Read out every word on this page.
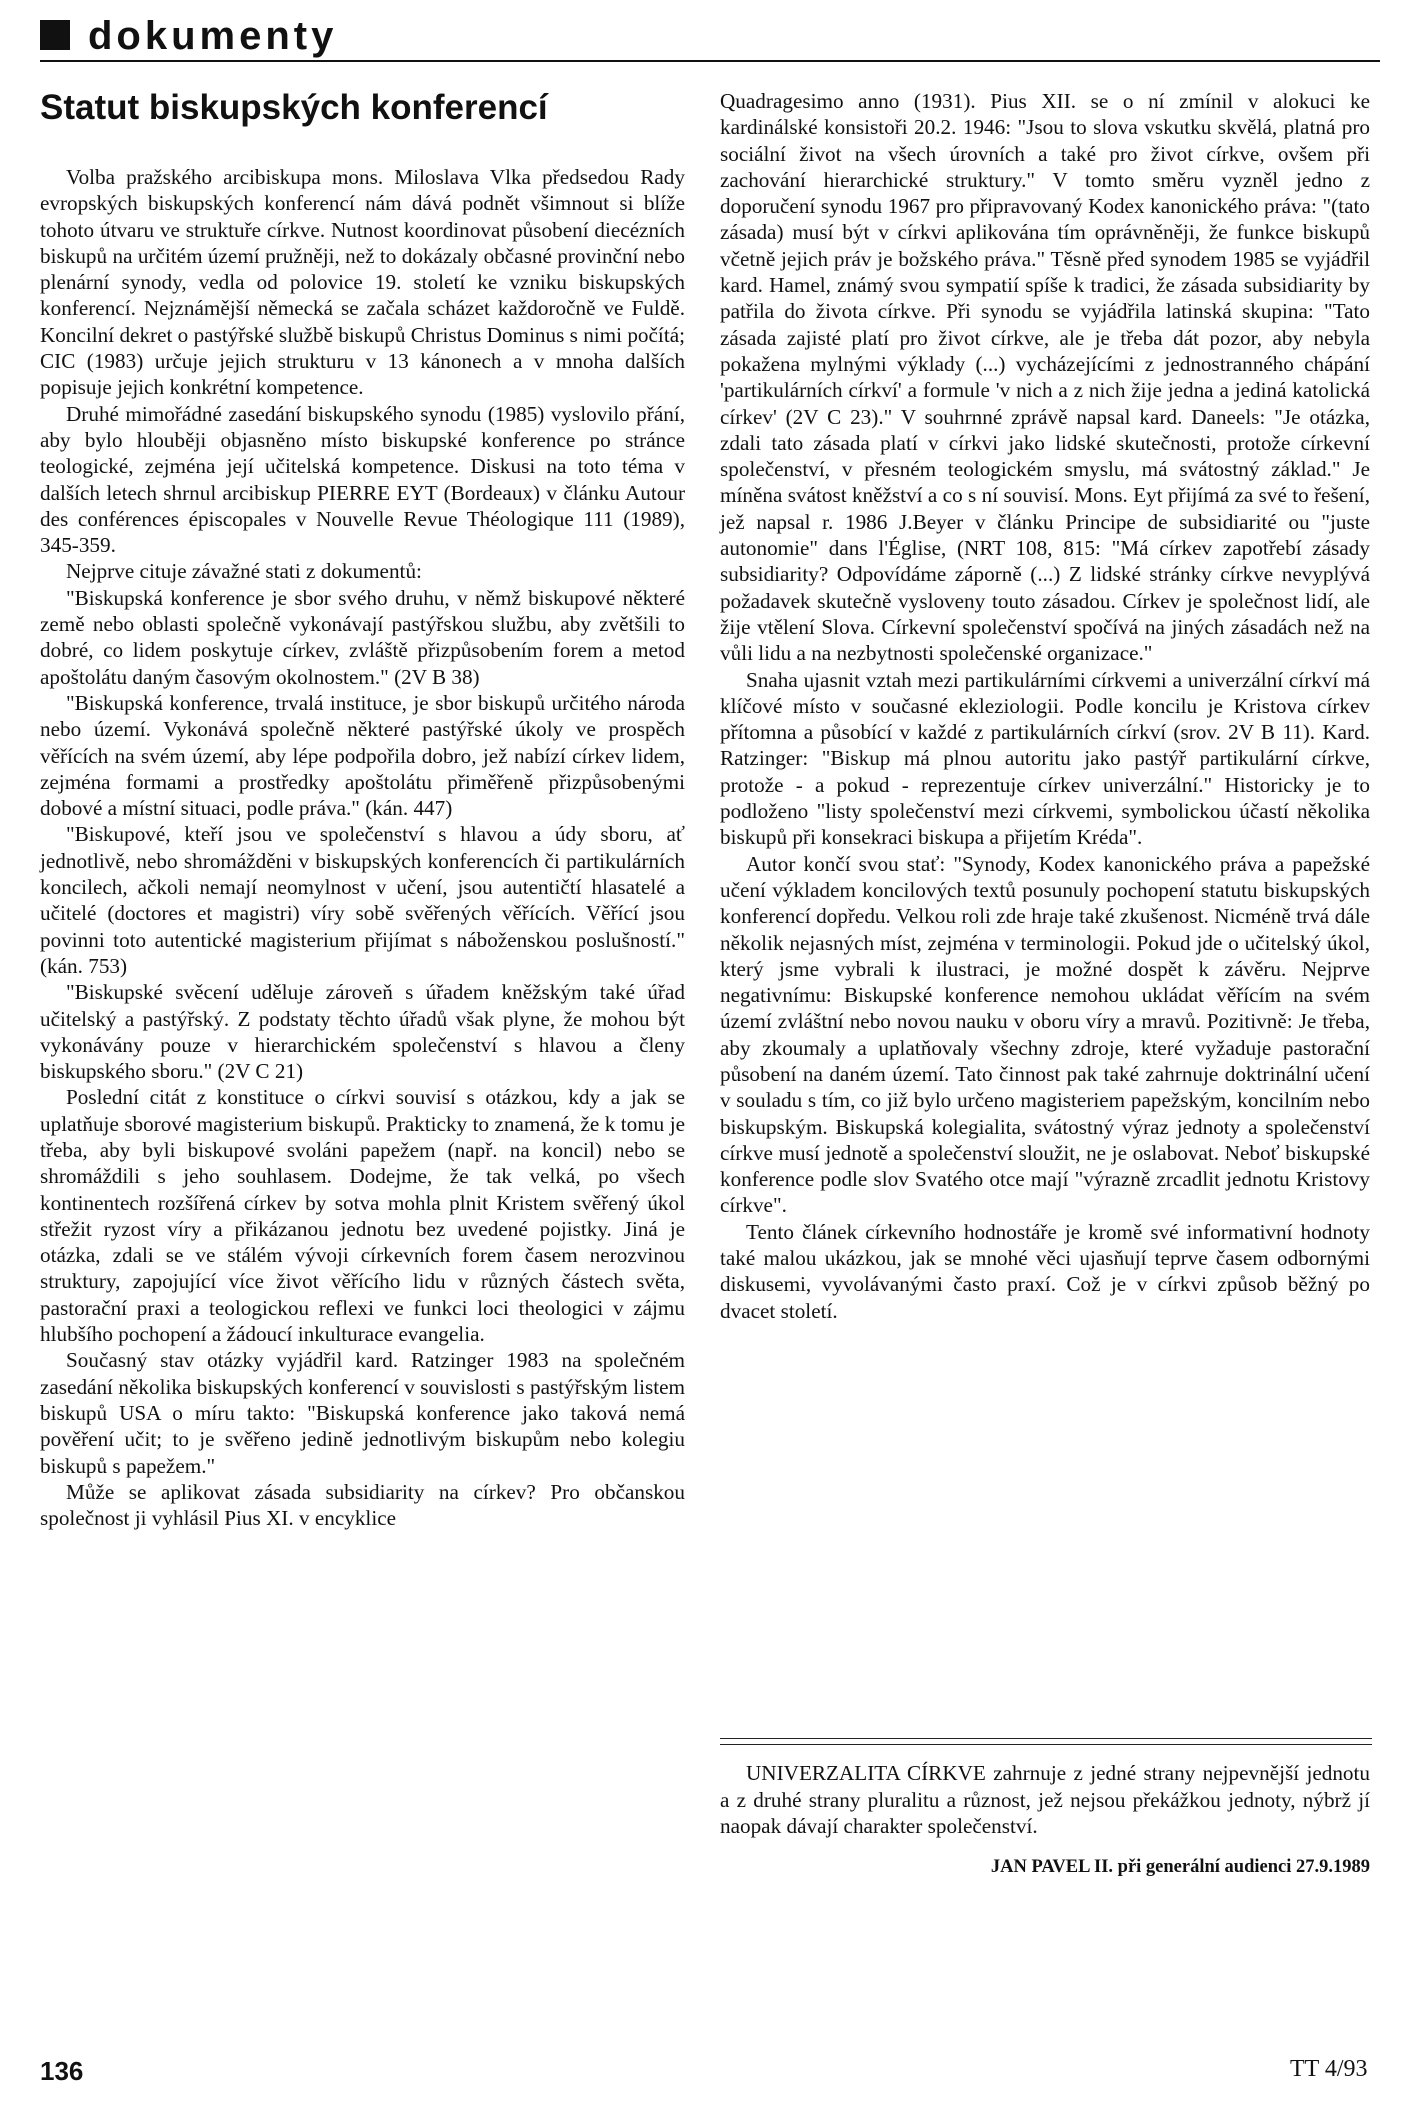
dokumenty
Statut biskupských konferencí

Volba pražského arcibiskupa mons. Miloslava Vlka předsedou Rady evropských biskupských konferencí nám dává podnět všimnout si blíže tohoto útvaru ve struktuře církve. Nutnost koordinovat působení diecézních biskupů na určitém území pružněji, než to dokázaly občasné provinční nebo plenární synody, vedla od polovice 19. století ke vzniku biskupských konferencí. Nejznámější německá se začala scházet každoročně ve Fuldě. Koncilní dekret o pastýřské službě biskupů Christus Dominus s nimi počítá; CIC (1983) určuje jejich strukturu v 13 kánonech a v mnoha dalších popisuje jejich konkrétní kompetence.

Druhé mimořádné zasedání biskupského synodu (1985) vyslovilo přání, aby bylo hlouběji objasněno místo biskupské konference po stránce teologické, zejména její učitelská kompetence. Diskusi na toto téma v dalších letech shrnul arcibiskup PIERRE EYT (Bordeaux) v článku Autour des conférences épiscopales v Nouvelle Revue Théologique 111 (1989), 345-359.

Nejprve cituje závažné stati z dokumentů:

"Biskupská konference je sbor svého druhu, v němž biskupové některé země nebo oblasti společně vykonávají pastýřskou službu, aby zvětšili to dobré, co lidem poskytuje církev, zvláště přizpůsobením forem a metod apoštolátu daným časovým okolnostem." (2V B 38)

"Biskupská konference, trvalá instituce, je sbor biskupů určitého národa nebo území. Vykonává společně některé pastýřské úkoly ve prospěch věřících na svém území, aby lépe podpořila dobro, jež nabízí církev lidem, zejména formami a prostředky apoštolátu přiměřeně přizpůsobenými dobové a místní situaci, podle práva." (kán. 447)

"Biskupové, kteří jsou ve společenství s hlavou a údy sboru, ať jednotlivě, nebo shromážděni v biskupských konferencích či partikulárních koncilech, ačkoli nemají neomylnost v učení, jsou autentičtí hlasatelé a učitelé (doctores et magistri) víry sobě svěřených věřících. Věřící jsou povinni toto autentické magisterium přijímat s náboženskou poslušností." (kán. 753)

"Biskupské svěcení uděluje zároveň s úřadem kněžským také úřad učitelský a pastýřský. Z podstaty těchto úřadů však plyne, že mohou být vykonávány pouze v hierarchickém společenství s hlavou a členy biskupského sboru." (2V C 21)

Poslední citát z konstituce o církvi souvisí s otázkou, kdy a jak se uplatňuje sborové magisterium biskupů. Prakticky to znamená, že k tomu je třeba, aby byli biskupové svoláni papežem (např. na koncil) nebo se shromáždili s jeho souhlasem. Dodejme, že tak velká, po všech kontinentech rozšířená církev by sotva mohla plnit Kristem svěřený úkol střežit ryzost víry a přikázanou jednotu bez uvedené pojistky. Jiná je otázka, zdali se ve stálém vývoji církevních forem časem nerozvinou struktury, zapojující více život věřícího lidu v různých částech světa, pastorační praxi a teologickou reflexi ve funkci loci theologici v zájmu hlubšího pochopení a žádoucí inkulturace evangelia.

Současný stav otázky vyjádřil kard. Ratzinger 1983 na společném zasedání několika biskupských konferencí v souvislosti s pastýřským listem biskupů USA o míru takto: "Biskupská konference jako taková nemá pověření učit; to je svěřeno jedině jednotlivým biskupům nebo kolegiu biskupů s papežem."

Může se aplikovat zásada subsidiarity na církev? Pro občanskou společnost ji vyhlásil Pius XI. v encyklice

Quadragesimo anno (1931). Pius XII. se o ní zmínil v alokuci ke kardinálské konsistoři 20.2. 1946: "Jsou to slova vskutku skvělá, platná pro sociální život na všech úrovních a také pro život církve, ovšem při zachování hierarchické struktury." V tomto směru vyzněl jedno z doporučení synodu 1967 pro připravovaný Kodex kanonického práva: "(tato zásada) musí být v církvi aplikována tím oprávněněji, že funkce biskupů včetně jejich práv je božského práva." Těsně před synodem 1985 se vyjádřil kard. Hamel, známý svou sympatií spíše k tradici, že zásada subsidiarity by patřila do života církve. Při synodu se vyjádřila latinská skupina: "Tato zásada zajisté platí pro život církve, ale je třeba dát pozor, aby nebyla pokažena mylnými výklady (...) vycházejícími z jednostranného chápání 'partikulárních církví' a formule 'v nich a z nich žije jedna a jediná katolická církev' (2V C 23)." V souhrnné zprávě napsal kard. Daneels: "Je otázka, zdali tato zásada platí v církvi jako lidské skutečnosti, protože církevní společenství, v přesném teologickém smyslu, má svátostný základ." Je míněna svátost kněžství a co s ní souvisí. Mons. Eyt přijímá za své to řešení, jež napsal r. 1986 J.Beyer v článku Principe de subsidiarité ou "juste autonomie" dans l'Église, (NRT 108, 815: "Má církev zapotřebí zásady subsidiarity? Odpovídáme záporně (...) Z lidské stránky církve nevyplývá požadavek skutečně vysloveny touto zásadou. Církev je společnost lidí, ale žije vtělení Slova. Církevní společenství spočívá na jiných zásadách než na vůli lidu a na nezbytnosti společenské organizace."

Snaha ujasnit vztah mezi partikulárními církvemi a univerzální církví má klíčové místo v současné ekleziologii. Podle koncilu je Kristova církev přítomna a působící v každé z partikulárních církví (srov. 2V B 11). Kard. Ratzinger: "Biskup má plnou autoritu jako pastýř partikulární církve, protože - a pokud - reprezentuje církev univerzální." Historicky je to podloženo "listy společenství mezi církvemi, symbolickou účastí několika biskupů při konsekraci biskupa a přijetím Kréda".

Autor končí svou stať: "Synody, Kodex kanonického práva a papežské učení výkladem koncilových textů posunuly pochopení statutu biskupských konferencí dopředu. Velkou roli zde hraje také zkušenost. Nicméně trvá dále několik nejasných míst, zejména v terminologii. Pokud jde o učitelský úkol, který jsme vybrali k ilustraci, je možné dospět k závěru. Nejprve negativnímu: Biskupské konference nemohou ukládat věřícím na svém území zvláštní nebo novou nauku v oboru víry a mravů. Pozitivně: Je třeba, aby zkoumaly a uplatňovaly všechny zdroje, které vyžaduje pastorační působení na daném území. Tato činnost pak také zahrnuje doktrinální učení v souladu s tím, co již bylo určeno magisteriem papežským, koncilním nebo biskupským. Biskupská kolegialita, svátostný výraz jednoty a společenství církve musí jednotě a společenství sloužit, ne je oslabovat. Neboť biskupské konference podle slov Svatého otce mají "výrazně zrcadlit jednotu Kristovy církve".

Tento článek církevního hodnostáře je kromě své informativní hodnoty také malou ukázkou, jak se mnohé věci ujasňují teprve časem odbornými diskusemi, vyvolávanými často praxí. Což je v církvi způsob běžný po dvacet století.

UNIVERZALITA CÍRKVE zahrnuje z jedné strany nejpevnější jednotu a z druhé strany pluralitu a různost, jež nejsou překážkou jednoty, nýbrž jí naopak dávají charakter společenství.

JAN PAVEL II. při generální audienci 27.9.1989
136	TT 4/93
